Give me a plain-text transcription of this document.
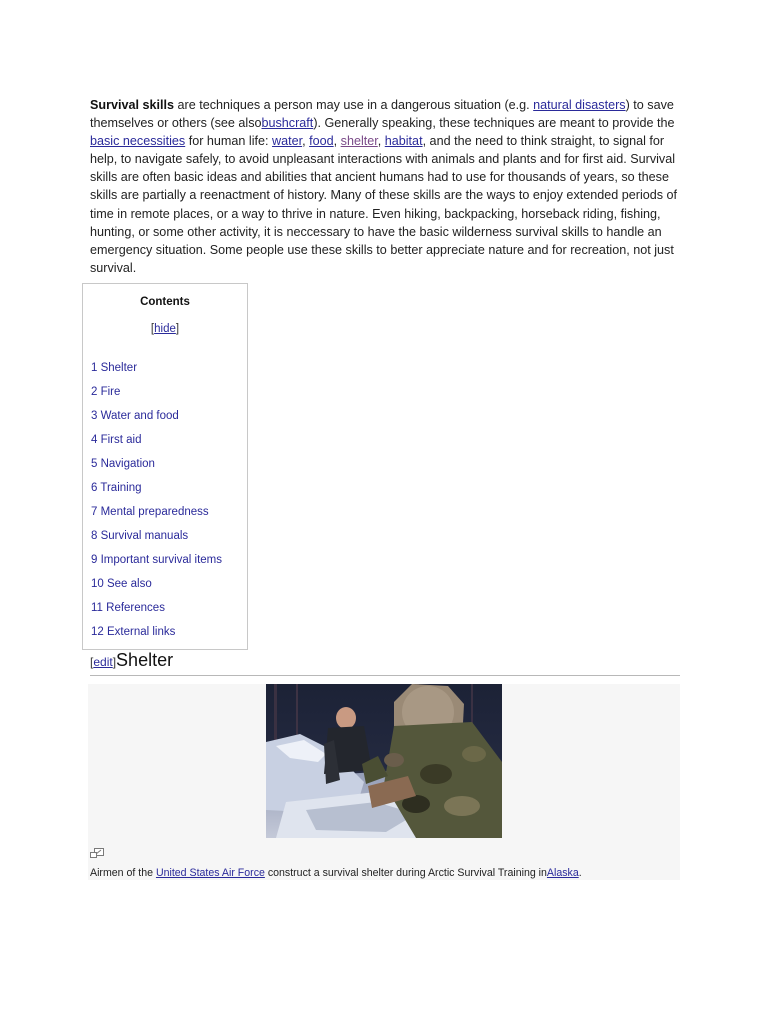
Survival skills are techniques a person may use in a dangerous situation (e.g. natural disasters) to save themselves or others (see alsobushcraft). Generally speaking, these techniques are meant to provide the basic necessities for human life: water, food, shelter, habitat, and the need to think straight, to signal for help, to navigate safely, to avoid unpleasant interactions with animals and plants and for first aid. Survival skills are often basic ideas and abilities that ancient humans had to use for thousands of years, so these skills are partially a reenactment of history. Many of these skills are the ways to enjoy extended periods of time in remote places, or a way to thrive in nature. Even hiking, backpacking, horseback riding, fishing, hunting, or some other activity, it is neccessary to have the basic wilderness survival skills to handle an emergency situation. Some people use these skills to better appreciate nature and for recreation, not just survival.
Contents
[hide]
1 Shelter
2 Fire
3 Water and food
4 First aid
5 Navigation
6 Training
7 Mental preparedness
8 Survival manuals
9 Important survival items
10 See also
11 References
12 External links
[edit]Shelter
Airmen of the United States Air Force construct a survival shelter during Arctic Survival Training inAlaska.
